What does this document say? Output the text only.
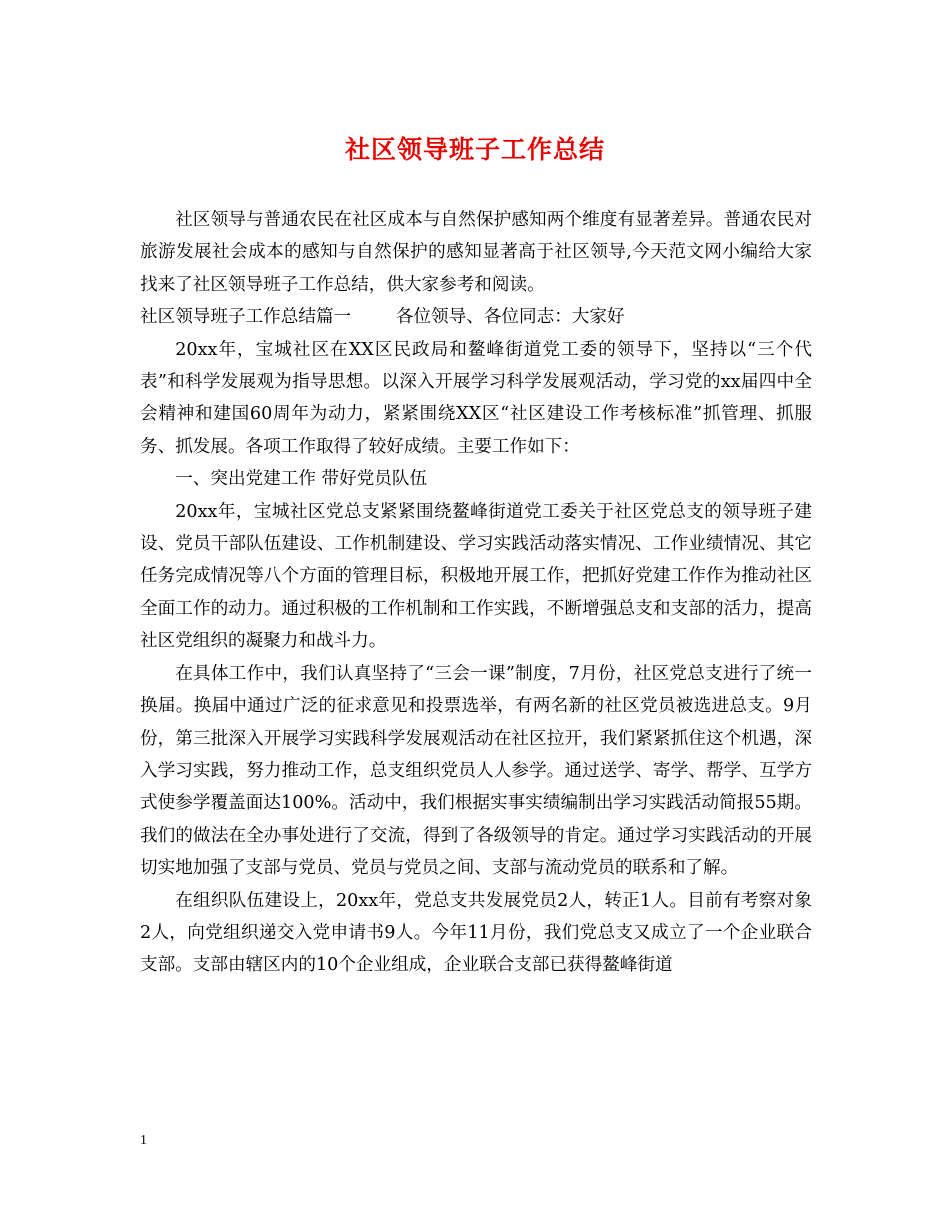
社区领导班子工作总结

社区领导与普通农民在社区成本与自然保护感知两个维度有显著差异。普通农民对旅游发展社会成本的感知与自然保护的感知显著高于社区领导,今天范文网小编给大家找来了社区领导班子工作总结，供大家参考和阅读。

社区领导班子工作总结篇一        各位领导、各位同志：大家好

20xx年，宝城社区在XX区民政局和鳌峰街道党工委的领导下，坚持以“三个代表”和科学发展观为指导思想。以深入开展学习科学发展观活动，学习党的xx届四中全会精神和建国60周年为动力，紧紧围绕XX区“社区建设工作考核标准”抓管理、抓服务、抓发展。各项工作取得了较好成绩。主要工作如下：

一、突出党建工作 带好党员队伍

20xx年，宝城社区党总支紧紧围绕鳌峰街道党工委关于社区党总支的领导班子建设、党员干部队伍建设、工作机制建设、学习实践活动落实情况、工作业绩情况、其它任务完成情况等八个方面的管理目标，积极地开展工作，把抓好党建工作作为推动社区全面工作的动力。通过积极的工作机制和工作实践，不断增强总支和支部的活力，提高社区党组织的凝聚力和战斗力。

在具体工作中，我们认真坚持了“三会一课”制度，7月份，社区党总支进行了统一换届。换届中通过广泛的征求意见和投票选举，有两名新的社区党员被选进总支。9月份，第三批深入开展学习实践科学发展观活动在社区拉开，我们紧紧抓住这个机遇，深入学习实践，努力推动工作，总支组织党员人人参学。通过送学、寄学、帮学、互学方式使参学覆盖面达100%。活动中，我们根据实事实绩编制出学习实践活动简报55期。我们的做法在全办事处进行了交流，得到了各级领导的肯定。通过学习实践活动的开展切实地加强了支部与党员、党员与党员之间、支部与流动党员的联系和了解。

在组织队伍建设上，20xx年，党总支共发展党员2人，转正1人。目前有考察对象2人，向党组织递交入党申请书9人。今年11月份，我们党总支又成立了一个企业联合支部。支部由辖区内的10个企业组成，企业联合支部已获得鳌峰街道

1
